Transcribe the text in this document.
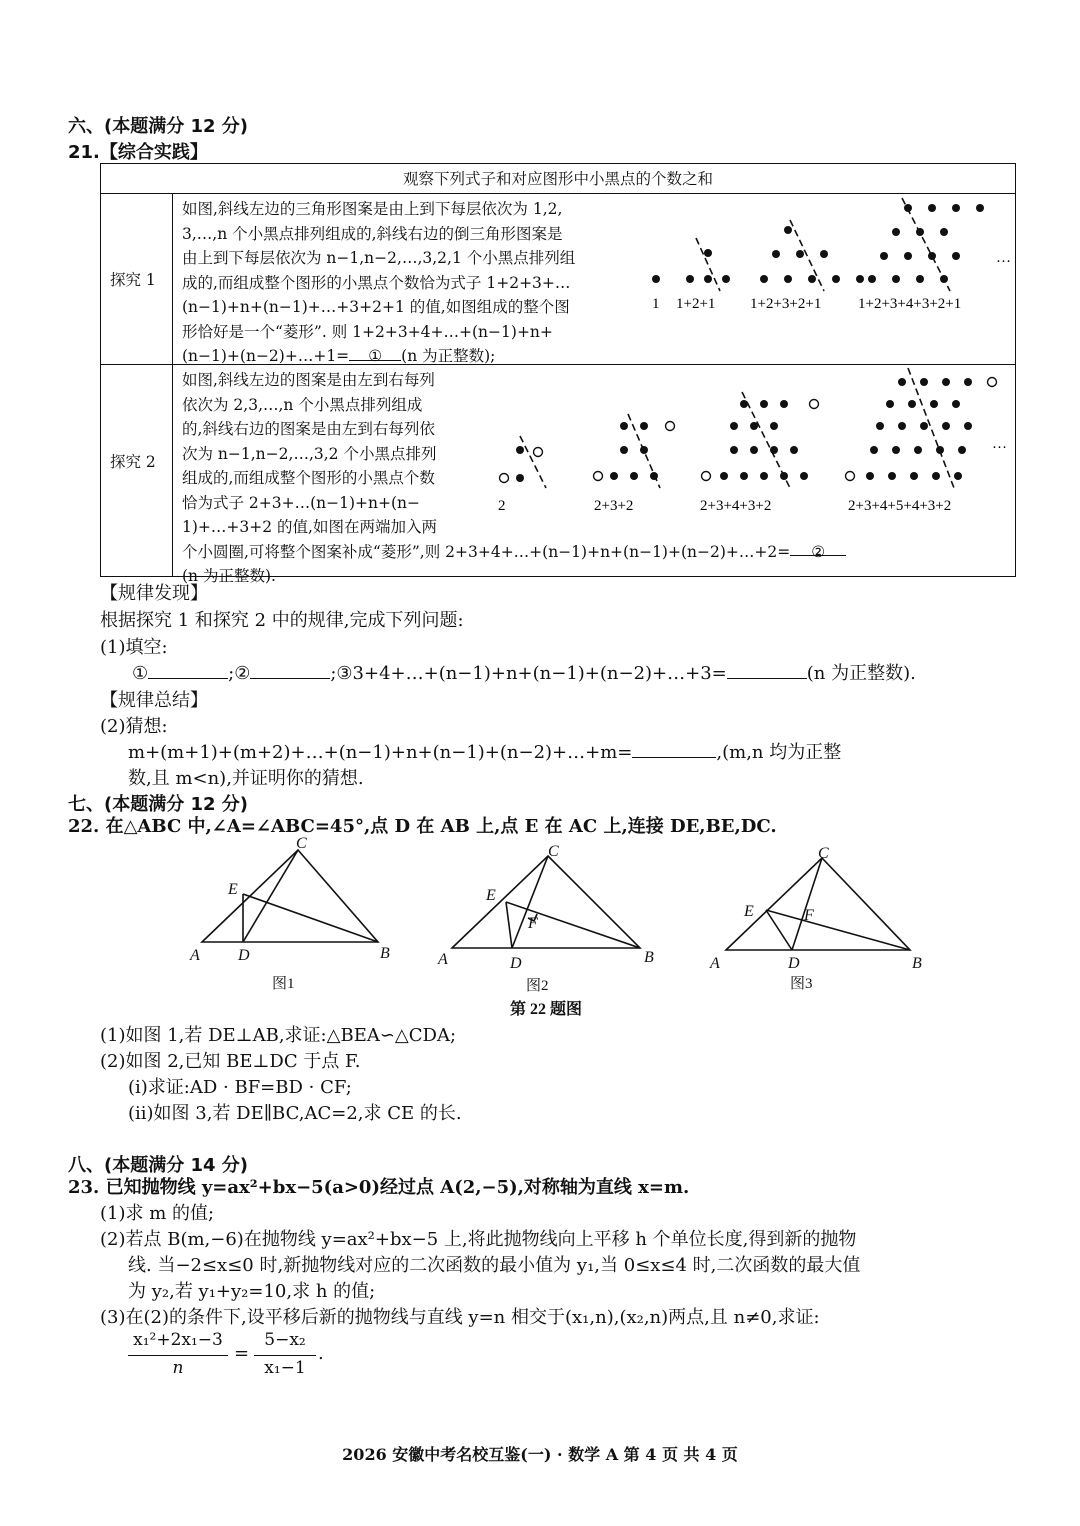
六、(本题满分 12 分)
21.【综合实践】
观察下列式子和对应图形中小黑点的个数之和
探究 1
如图,斜线左边的三角形图案是由上到下每层依次为 1,2,
3,…,n 个小黑点排列组成的,斜线右边的倒三角形图案是
由上到下每层依次为 n−1,n−2,…,3,2,1 个小黑点排列组
成的,而组成整个图形的小黑点个数恰为式子 1+2+3+…
(n−1)+n+(n−1)+…+3+2+1 的值,如图组成的整个图
形恰好是一个“菱形”. 则 1+2+3+4+…+(n−1)+n+
(n−1)+(n−2)+…+1= ① (n 为正整数);
1 1+2+1 1+2+3+2+1 1+2+3+4+3+2+1
…
探究 2
如图,斜线左边的图案是由左到右每列
依次为 2,3,…,n 个小黑点排列组成
的,斜线右边的图案是由左到右每列依
次为 n−1,n−2,…,3,2 个小黑点排列
组成的,而组成整个图形的小黑点个数
恰为式子 2+3+…(n−1)+n+(n−
1)+…+3+2 的值,如图在两端加入两
个小圆圈,可将整个图案补成“菱形”,则 2+3+4+…+(n−1)+n+(n−1)+(n−2)+…+2= ②
(n 为正整数).
2	2+3+2	2+3+4+3+2	2+3+4+5+4+3+2
…
【规律发现】
根据探究 1 和探究 2 中的规律,完成下列问题:
(1)填空:
①	;②	;③3+4+…+(n−1)+n+(n−1)+(n−2)+…+3=	(n 为正整数).
【规律总结】
(2)猜想:
m+(m+1)+(m+2)+…+(n−1)+n+(n−1)+(n−2)+…+m=	,(m,n 均为正整
数,且 m<n),并证明你的猜想.
七、(本题满分 12 分)
22. 在△ABC 中,∠A=∠ABC=45°,点 D 在 AB 上,点 E 在 AC 上,连接 DE,BE,DC.
A	B
C
D
E
A	B
C
D
E
F
A	B
C
D
E	F
图1	图2	图3
第 22 题图
(1)如图 1,若 DE⊥AB,求证:△BEA∽△CDA;
(2)如图 2,已知 BE⊥DC 于点 F.
(i)求证:AD · BF=BD · CF;
(ii)如图 3,若 DE∥BC,AC=2,求 CE 的长.
八、(本题满分 14 分)
23. 已知抛物线 y=ax²+bx−5(a>0)经过点 A(2,−5),对称轴为直线 x=m.
(1)求 m 的值;
(2)若点 B(m,−6)在抛物线 y=ax²+bx−5 上,将此抛物线向上平移 h 个单位长度,得到新的抛物
线. 当−2≤x≤0 时,新抛物线对应的二次函数的最小值为 y₁,当 0≤x≤4 时,二次函数的最大值
为 y₂,若 y₁+y₂=10,求 h 的值;
(3)在(2)的条件下,设平移后新的抛物线与直线 y=n 相交于(x₁,n),(x₂,n)两点,且 n≠0,求证:
x₁²+2x₁−3
n
=
5−x₂
x₁−1
.
2026 安徽中考名校互鉴(一) · 数学 A 第 4 页 共 4 页
